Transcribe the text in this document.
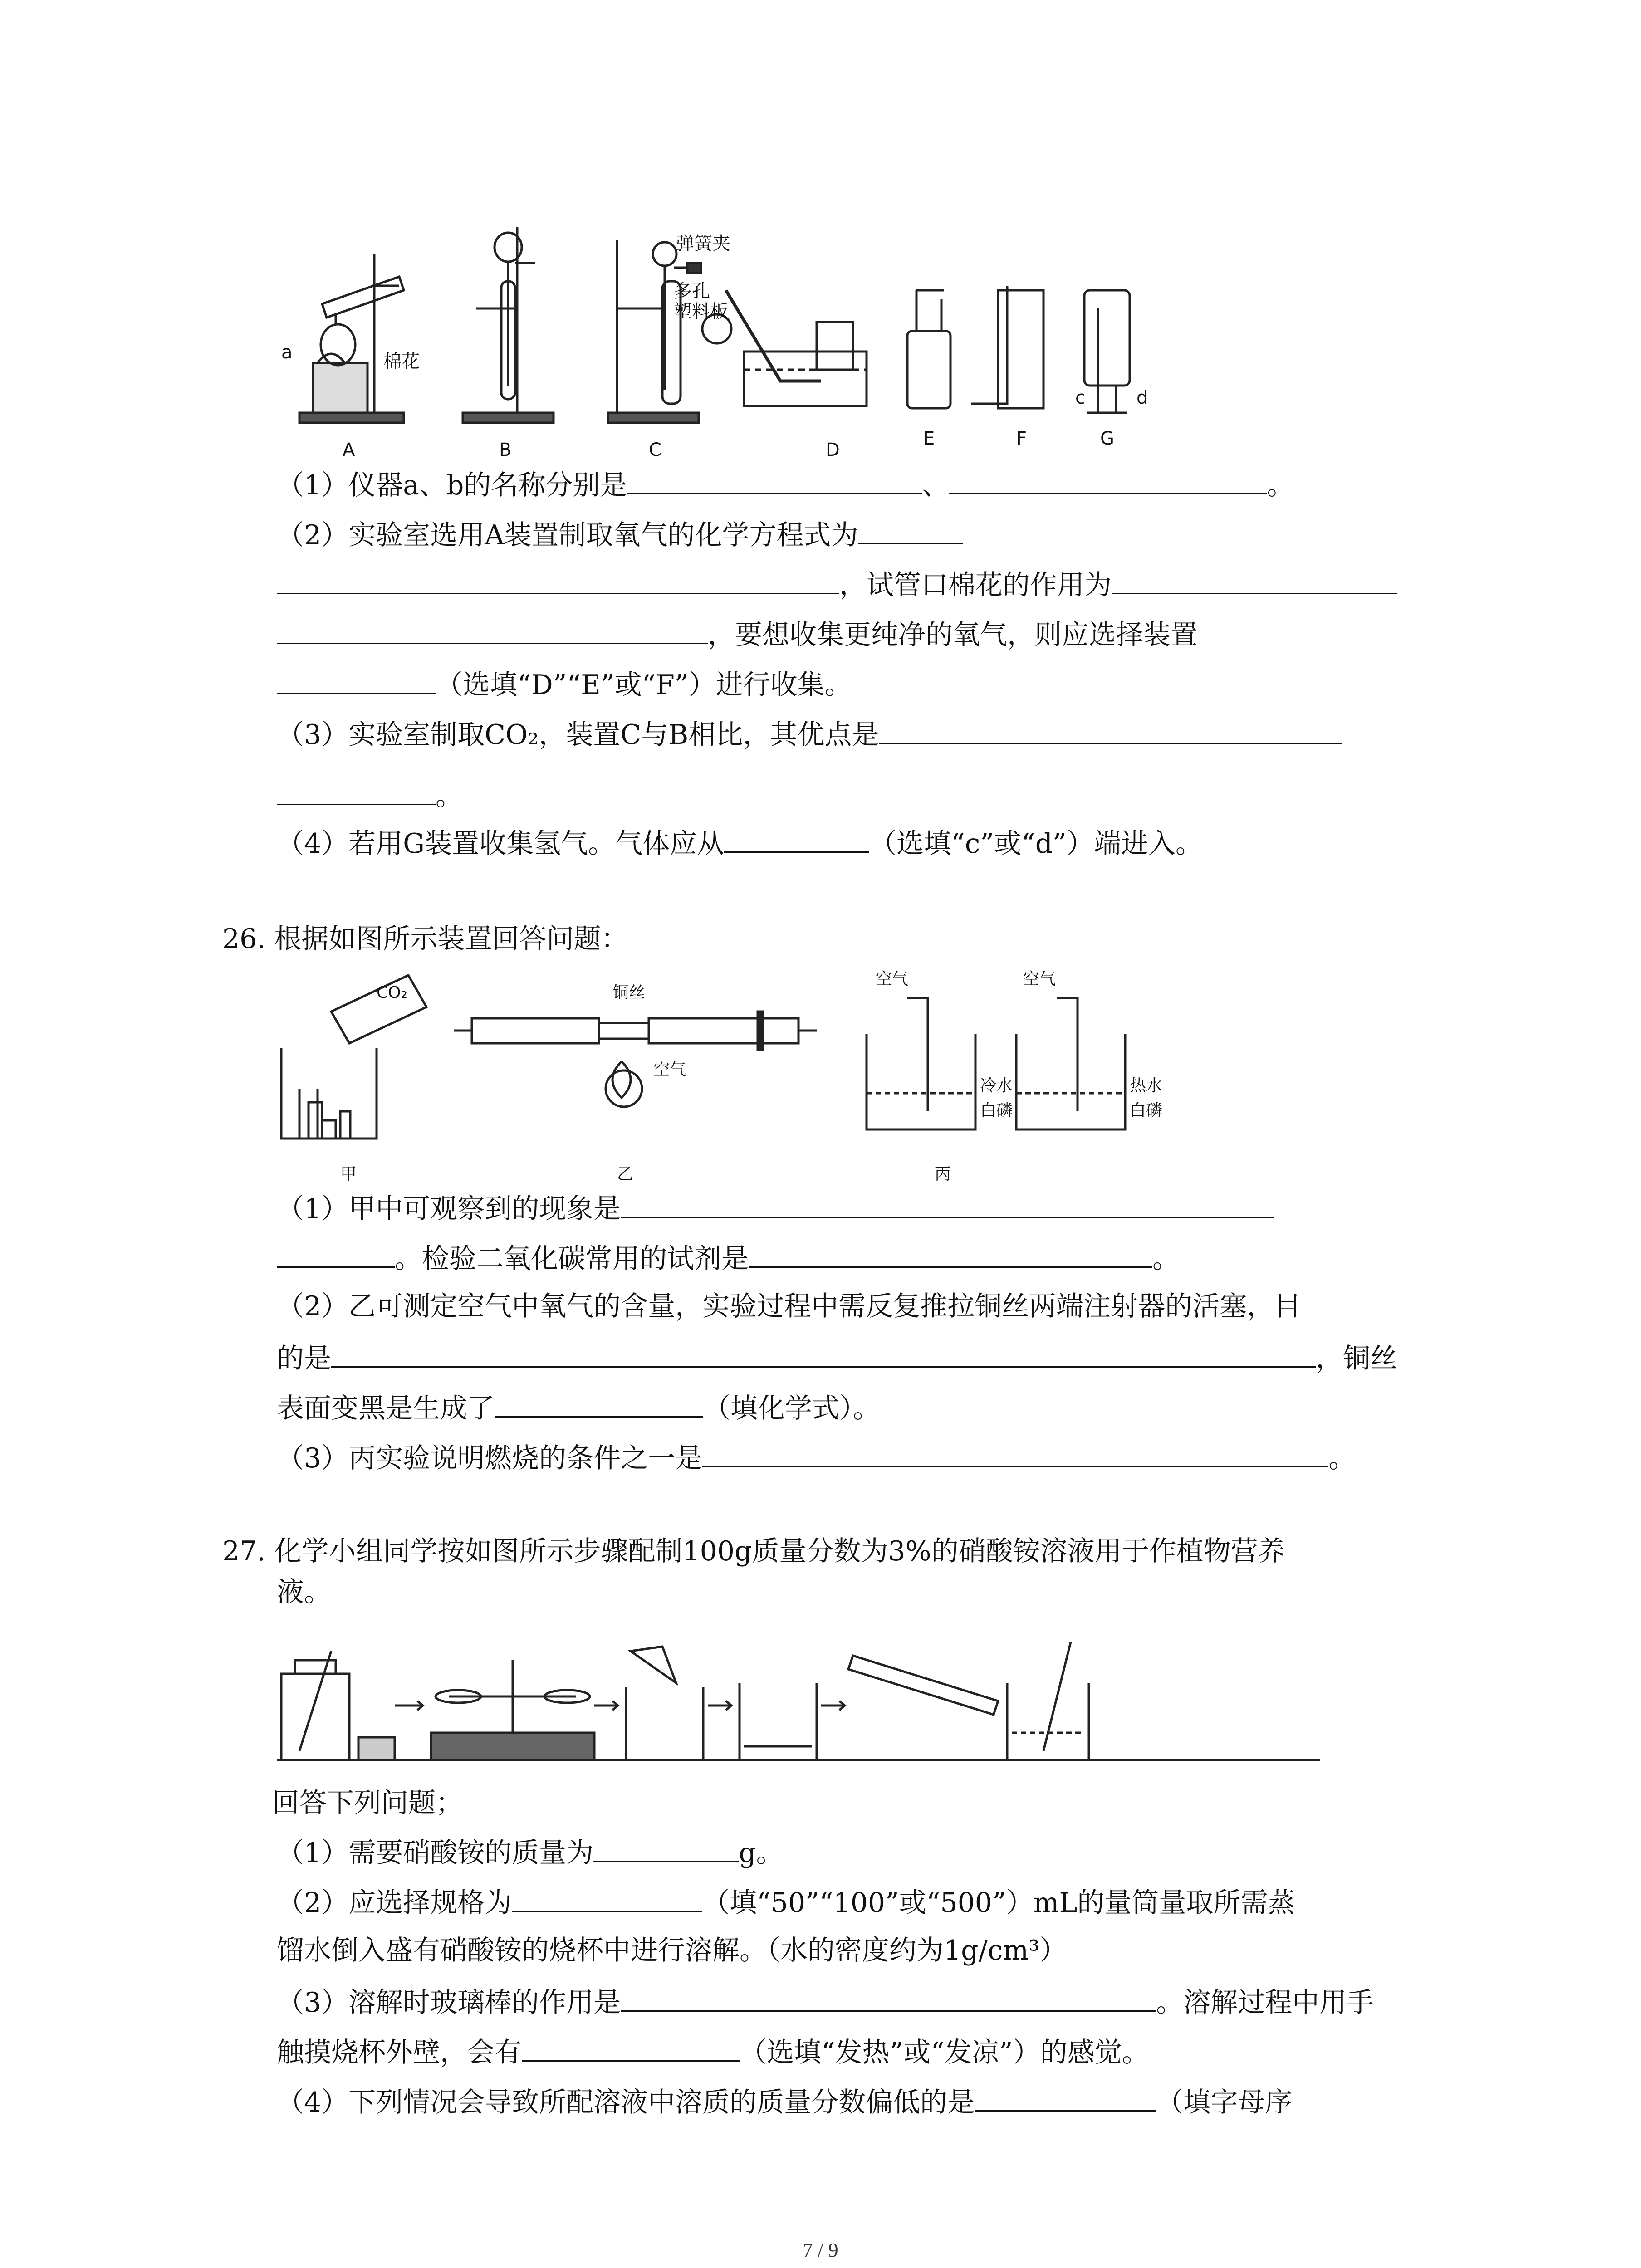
A	B	C	D
E	F	G
a
c	d
棉花
弹簧夹
多孔
塑料板
（1）仪器a、b的名称分别是	、	。
（2）实验室选用A装置制取氧气的化学方程式为
，试管口棉花的作用为
，要想收集更纯净的氧气，则应选择装置
（选填“D”“E”或“F”）进行收集。
（3）实验室制取CO₂，装置C与B相比，其优点是
。
（4）若用G装置收集氢气。气体应从	（选填“c”或“d”）端进入。
26. 根据如图所示装置回答问题：
CO₂	铜丝
空气
空气	空气
冷水
白磷
热水
白磷
甲	乙	丙
（1）甲中可观察到的现象是
。检验二氧化碳常用的试剂是	。
（2）乙可测定空气中氧气的含量，实验过程中需反复推拉铜丝两端注射器的活塞，目
的是	，铜丝
表面变黑是生成了	（填化学式）。
（3）丙实验说明燃烧的条件之一是	。
27. 化学小组同学按如图所示步骤配制100g质量分数为3%的硝酸铵溶液用于作植物营养
液。
回答下列问题；
（1）需要硝酸铵的质量为	g。
（2）应选择规格为	（填“50”“100”或“500”）mL的量筒量取所需蒸
馏水倒入盛有硝酸铵的烧杯中进行溶解。（水的密度约为1g/cm³）
（3）溶解时玻璃棒的作用是	。溶解过程中用手
触摸烧杯外壁，会有	（选填“发热”或“发凉”）的感觉。
（4）下列情况会导致所配溶液中溶质的质量分数偏低的是	（填字母序
7 / 9
